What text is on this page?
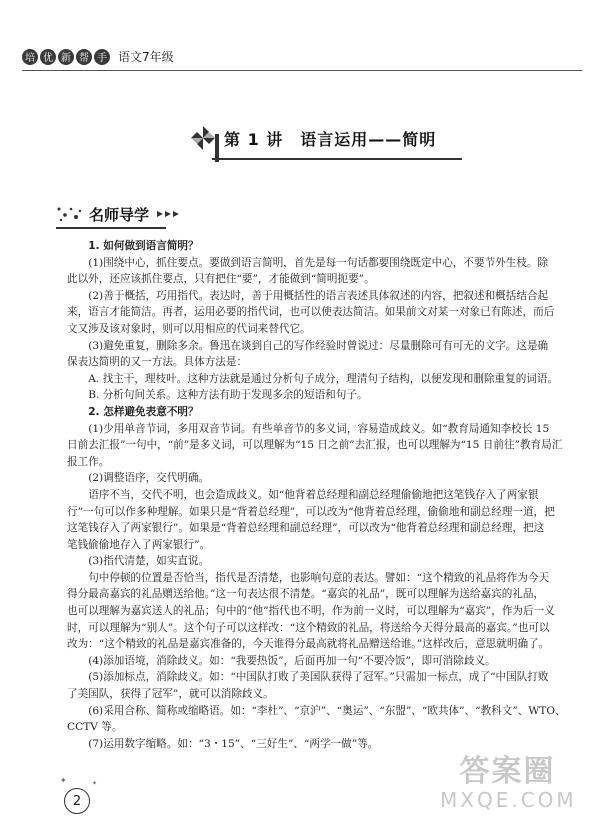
培 优 新 帮 手 语文7年级
第 1 讲　语言运用——简明
名师导学

1. 如何做到语言简明？

(1)围绕中心，抓住要点。要做到语言简明，首先是每一句话都要围绕既定中心，不要节外生枝。除

此以外，还应该抓住要点，只有把住“要”，才能做到“简明扼要”。

(2)善于概括，巧用指代。表达时，善于用概括性的语言表述具体叙述的内容，把叙述和概括结合起

来，语言才能简洁。再者，运用必要的指代词，也可以使表达简洁。如果前文对某一对象已有陈述，而后

文又涉及该对象时，则可以用相应的代词来替代它。

(3)避免重复，删除多余。鲁迅在谈到自己的写作经验时曾说过：尽量删除可有可无的文字。这是确

保表达简明的又一方法。具体方法是：

A. 找主干，理枝叶。这种方法就是通过分析句子成分，理清句子结构，以便发现和删除重复的词语。

B. 分析句间关系。这种方法有助于发现多余的短语和句子。

2. 怎样避免表意不明？

(1)少用单音节词，多用双音节词。有些单音节的多义词，容易造成歧义。如“教育局通知李校长 15

日前去汇报”一句中，“前”是多义词，可以理解为“15 日之前”去汇报，也可以理解为“15 日前往”教育局汇

报工作。

(2)调整语序，交代明确。

语序不当，交代不明，也会造成歧义。如“他背着总经理和副总经理偷偷地把这笔钱存入了两家银

行”一句可以作多种理解。如果只是“背着总经理”，可以改为“他背着总经理，偷偷地和副总经理一道，把

这笔钱存入了两家银行”。如果是“背着总经理和副总经理”，可以改为“他背着总经理和副总经理，把这

笔钱偷偷地存入了两家银行”。

(3)指代清楚，如实直说。

句中停顿的位置是否恰当，指代是否清楚，也影响句意的表达。譬如：“这个精致的礼品将作为今天

得分最高嘉宾的礼品赠送给他。”这一句表达很不清楚。“嘉宾的礼品”，既可以理解为送给嘉宾的礼品，

也可以理解为嘉宾送人的礼品；句中的“他”指代也不明，作为前一义时，可以理解为“嘉宾”，作为后一义

时，可以理解为“别人”。这个句子可以这样改：“这个精致的礼品，将送给今天得分最高的嘉宾。”也可以

改为：“这个精致的礼品是嘉宾准备的，今天谁得分最高就将礼品赠送给谁。”这样改后，意思就明确了。

(4)添加语境，消除歧义。如：“我要热饭”，后面再加一句“不要冷饭”，即可消除歧义。

(5)添加标点，消除歧义。如：“中国队打败了美国队获得了冠军。”只需加一标点，成了“中国队打败

了美国队，获得了冠军”，就可以消除歧义。

(6)采用合称、简称或缩略语。如：“李杜”、“京沪”、“奥运”、“东盟”、“欧共体”、“教科文”、WTO、

CCTV 等。

(7)运用数字缩略。如：“3・15”、“三好生”、“两学一做”等。

✦	✦
2
答案圈
MXQE.COM
